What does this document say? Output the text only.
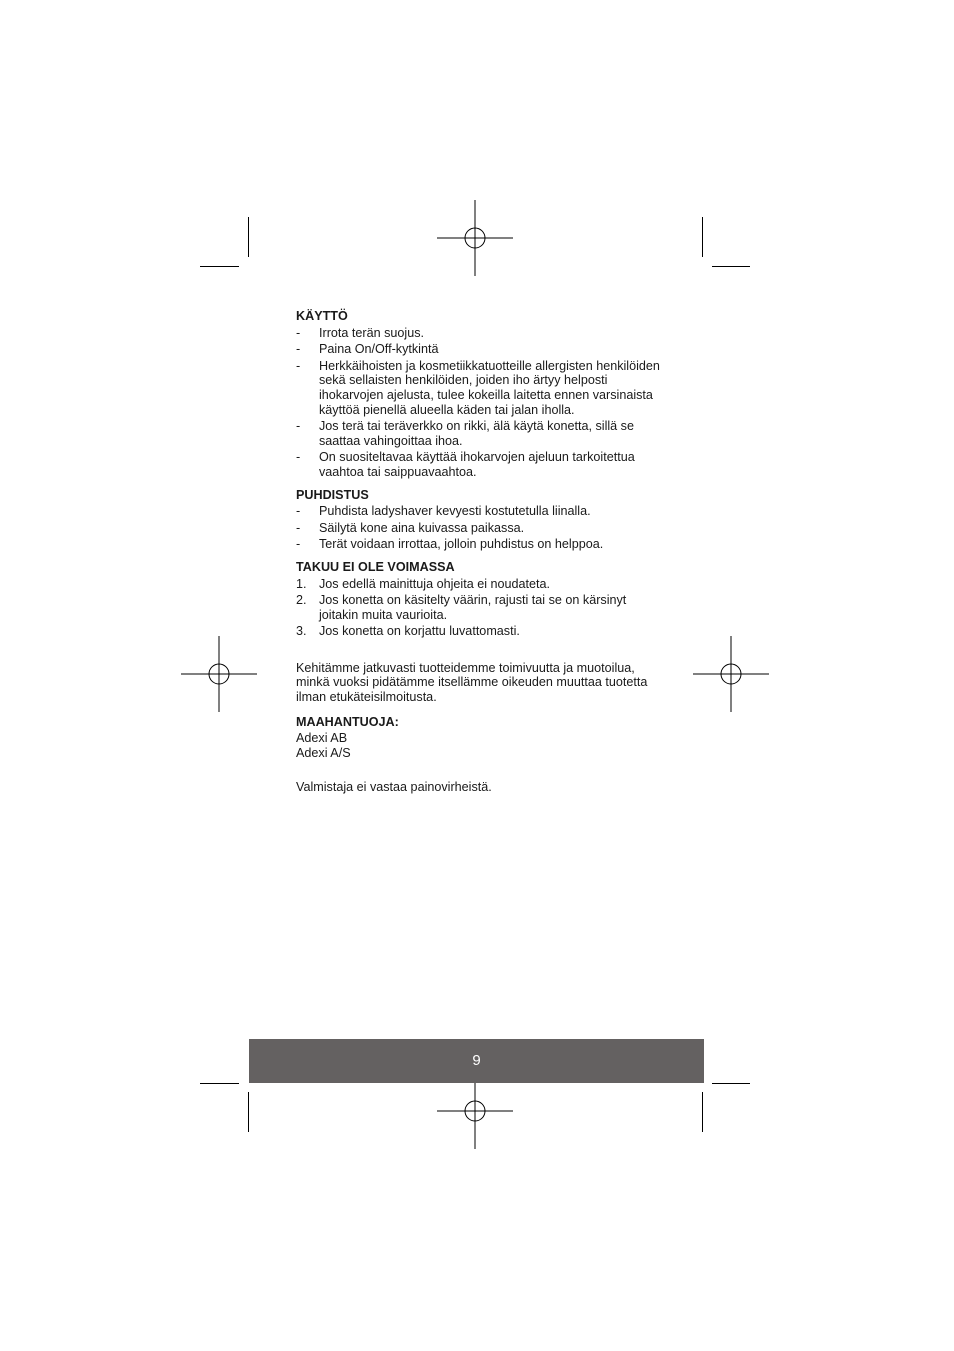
KÄYTTÖ
- Irrota terän suojus.
- Paina On/Off-kytkintä
- Herkkäihoisten ja kosmetiikkatuotteille allergisten henkilöiden sekä sellaisten henkilöiden, joiden iho ärtyy helposti ihokarvojen ajelusta, tulee kokeilla laitetta ennen varsinaista käyttöä pienellä alueella käden tai jalan iholla.
- Jos terä tai teräverkko on rikki, älä käytä konetta, sillä se saattaa vahingoittaa ihoa.
- On suositeltavaa käyttää ihokarvojen ajeluun tarkoitettua vaahtoa tai saippuavaahtoa.
PUHDISTUS
- Puhdista ladyshaver kevyesti kostutetulla liinalla.
- Säilytä kone aina kuivassa paikassa.
- Terät voidaan irrottaa, jolloin puhdistus on helppoa.
TAKUU EI OLE VOIMASSA
1. Jos edellä mainittuja ohjeita ei noudateta.
2. Jos konetta on käsitelty väärin, rajusti tai se on kärsinyt joitakin muita vaurioita.
3. Jos konetta on korjattu luvattomasti.

Kehitämme jatkuvasti tuotteidemme toimivuutta ja muotoilua, minkä vuoksi pidätämme itsellämme oikeuden muuttaa tuotetta ilman etukäteisilmoitusta.

MAAHANTUOJA:

Adexi AB

Adexi A/S

Valmistaja ei vastaa painovirheistä.

9
